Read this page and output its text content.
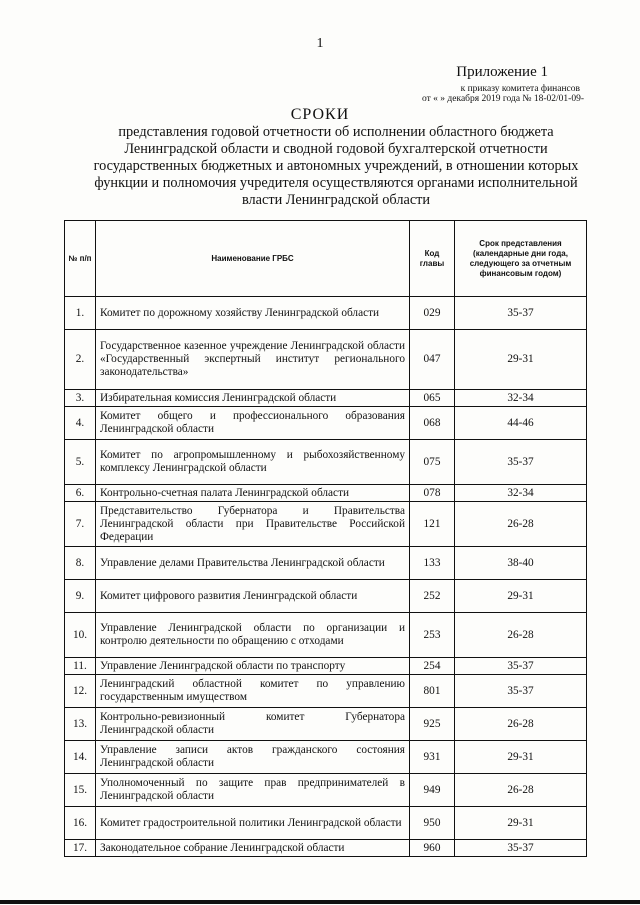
1
Приложение 1
к приказу комитета финансов
от « » декабря 2019 года № 18-02/01-09-
СРОКИ
представления годовой отчетности об исполнении областного бюджета Ленинградской области и сводной годовой бухгалтерской отчетности государственных бюджетных и автономных учреждений, в отношении которых функции и полномочия учредителя осуществляются органами исполнительной власти Ленинградской области
№ п/п	Наименование ГРБС	Код главы	Срок представления (календарные дни года, следующего за отчетным финансовым годом)
1.	Комитет по дорожному хозяйству Ленинградской области	029	35-37
2.	Государственное казенное учреждение Ленинградской области «Государственный экспертный институт регионального законодательства»	047	29-31
3.	Избирательная комиссия Ленинградской области	065	32-34
4.	Комитет общего и профессионального образования Ленинградской области	068	44-46
5.	Комитет по агропромышленному и рыбохозяйственному комплексу Ленинградской области	075	35-37
6.	Контрольно-счетная палата Ленинградской области	078	32-34
7.	Представительство Губернатора и Правительства Ленинградской области при Правительстве Российской Федерации	121	26-28
8.	Управление делами Правительства Ленинградской области	133	38-40
9.	Комитет цифрового развития Ленинградской области	252	29-31
10.	Управление Ленинградской области по организации и контролю деятельности по обращению с отходами	253	26-28
11.	Управление Ленинградской области по транспорту	254	35-37
12.	Ленинградский областной комитет по управлению государственным имуществом	801	35-37
13.	Контрольно-ревизионный комитет Губернатора Ленинградской области	925	26-28
14.	Управление записи актов гражданского состояния Ленинградской области	931	29-31
15.	Уполномоченный по защите прав предпринимателей в Ленинградской области	949	26-28
16.	Комитет градостроительной политики Ленинградской области	950	29-31
17.	Законодательное собрание Ленинградской области	960	35-37
